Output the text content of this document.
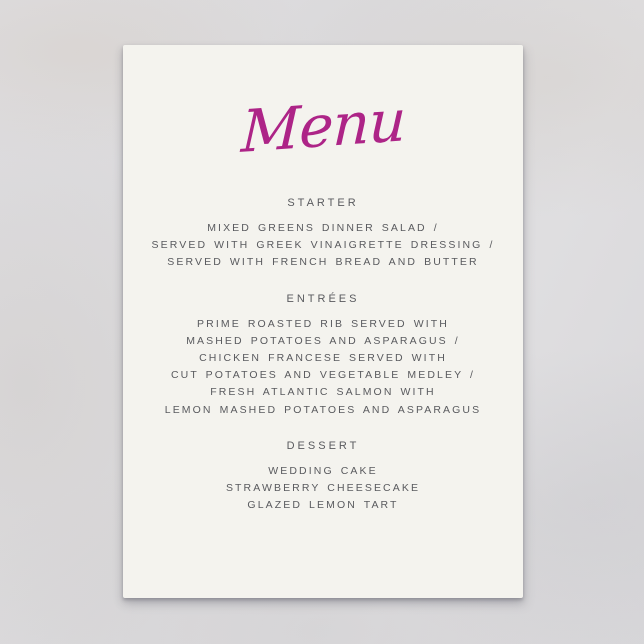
Menu
STARTER
MIXED GREENS DINNER SALAD /
SERVED WITH GREEK VINAIGRETTE DRESSING /
SERVED WITH FRENCH BREAD AND BUTTER
ENTRÉES
PRIME ROASTED RIB SERVED WITH
MASHED POTATOES AND ASPARAGUS /
CHICKEN FRANCESE SERVED WITH
CUT POTATOES AND VEGETABLE MEDLEY /
FRESH ATLANTIC SALMON WITH
LEMON MASHED POTATOES AND ASPARAGUS
DESSERT
WEDDING CAKE
STRAWBERRY CHEESECAKE
GLAZED LEMON TART
